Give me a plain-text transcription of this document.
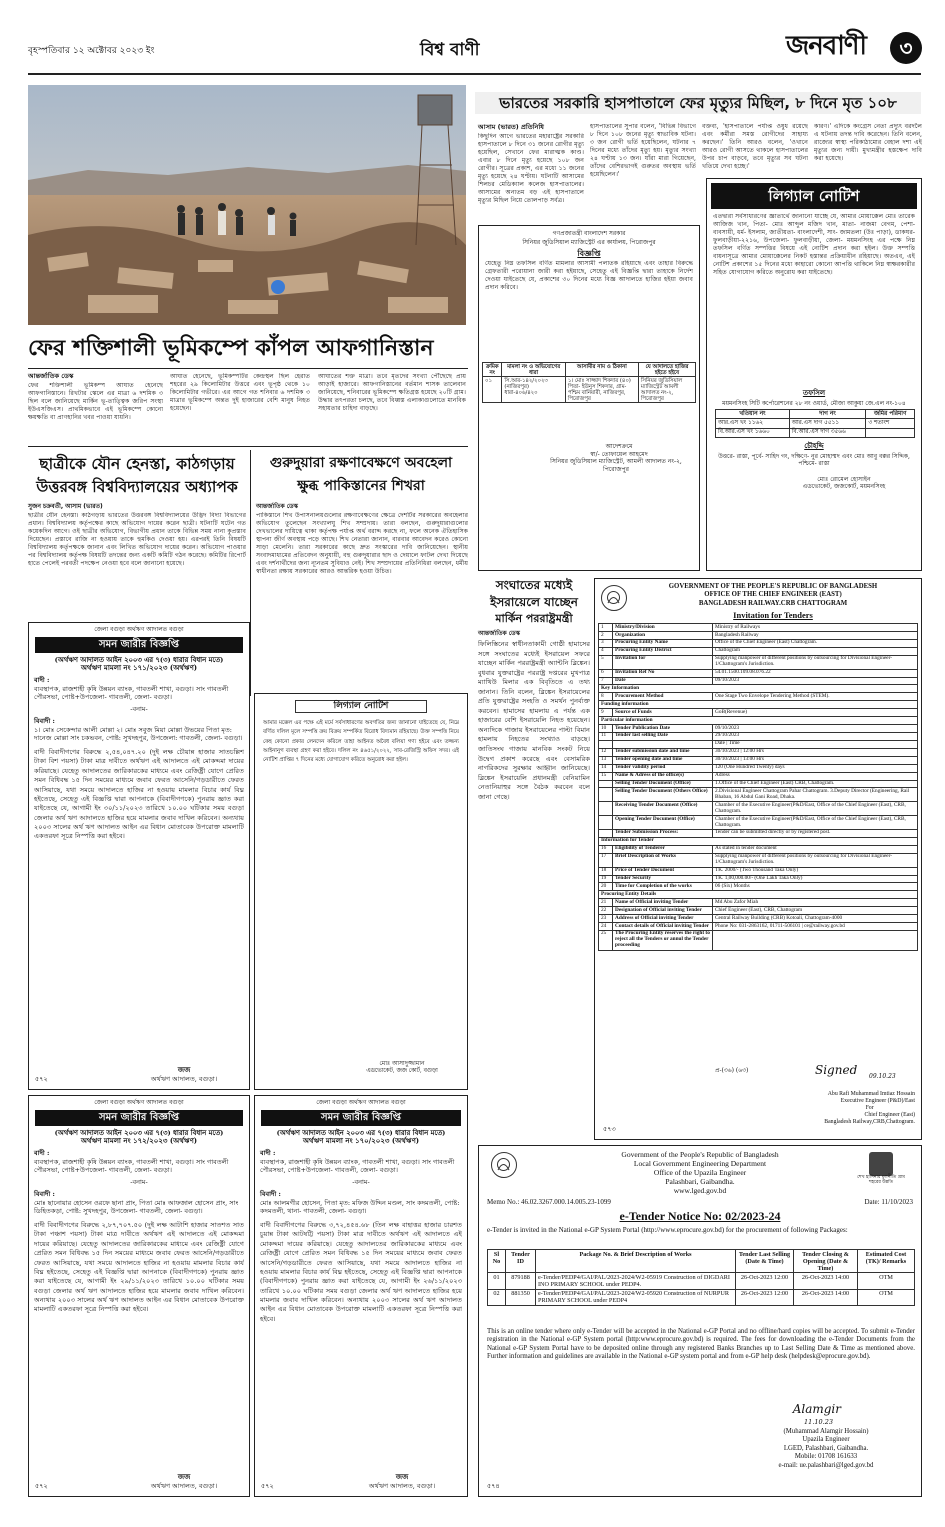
বৃহস্পতিবার ১২ অক্টোবর ২০২৩ ইং	বিশ্ব বাণী	জনবাণী	৩
ফের শক্তিশালী ভূমিকম্পে কাঁপল আফগানিস্তান
আন্তর্জাতিক ডেস্ক
ফের শক্তিশালী ভূমিকম্প আঘাত হেনেছে আফগানিস্তানে। রিখটার স্কেলে এর মাত্রা ৬ দশমিক ৩ ছিল বলে জানিয়েছে মার্কিন ভূ-তাত্ত্বিক জরিপ সংস্থা ইউএসজিএস। প্রাথমিকভাবে এই ভূমিকম্পে কোনো ক্ষয়ক্ষতি বা প্রাণহানির খবর পাওয়া যায়নি।
আঘাত হেনেছে, ভূমিকম্পটির কেন্দ্রস্থল ছিল হেরাত শহরের ২৯ কিলোমিটার উত্তরে এবং ভূপৃষ্ঠ থেকে ১০ কিলোমিটার গভীরে। এর আগে গত শনিবার ৬ দশমিক ৩ মাত্রার ভূমিকম্পে অন্তত দুই হাজারের বেশি মানুষ নিহত হয়েছেন।
আঘাতের শক্ত মাত্রা। তবে মৃতদের সংখ্যা পৌঁছেছে প্রায় আড়াই হাজারে। আফগানিস্তানের বর্তমান শাসক তালেবান জানিয়েছে, শনিবারের ভূমিকম্পে ক্ষতিগ্রস্ত হয়েছে ২০টি গ্রাম। উদ্ধার তৎপরতা চলছে, তবে বিধ্বস্ত এলাকাগুলোতে মানবিক সহায়তার চাহিদা বাড়ছে।
ছাত্রীকে যৌন হেনস্তা, কাঠগড়ায়
উত্তরবঙ্গ বিশ্ববিদ্যালয়ের অধ্যাপক
সুজন চক্রবর্তী, আসাম (ভারত)
ছাত্রীর যৌন হেনস্তা। কাঠগড়ায় ভারতের উত্তরবঙ্গ বিশ্ববিদ্যালয়ের উদ্ভিদ বিদ্যা বিভাগের প্রধান। বিশ্ববিদ্যালয় কর্তৃপক্ষের কাছে অভিযোগ দায়ের করেন ছাত্রী। ঘটনাটি ঘটেন গত কয়েকদিন আগে। ওই ছাত্রীর অভিযোগ, বিভাগীয় প্রধান তাকে বিভিন্ন সময় নানা কুপ্রস্তাব দিয়েছেন। প্রস্তাবে রাজি না হওয়ায় তাকে হুমকিও দেওয়া হয়। এরপরই তিনি বিষয়টি বিশ্ববিদ্যালয় কর্তৃপক্ষকে জানান এবং লিখিত অভিযোগ দায়ের করেন। অভিযোগ পাওয়ার পর বিশ্ববিদ্যালয় কর্তৃপক্ষ বিষয়টি তদন্তের জন্য একটি কমিটি গঠন করেছে। কমিটির রিপোর্ট হাতে পেলেই পরবর্তী পদক্ষেপ নেওয়া হবে বলে জানানো হয়েছে।
গুরুদুয়ারা রক্ষণাবেক্ষণে অবহেলা
ক্ষুব্ধ পাকিস্তানের শিখরা
আন্তর্জাতিক ডেস্ক
পাকিস্তানে শিখ উপাসনালয়গুলোর রক্ষণাবেক্ষণের ক্ষেত্রে দেশটির সরকারের অবহেলার অভিযোগ তুলেছেন সংখ্যালঘু শিখ সম্প্রদায়। তারা বলছেন, গুরুদুয়ারাগুলোর দেখভালের দায়িত্বে থাকা কর্তৃপক্ষ পর্যাপ্ত অর্থ বরাদ্দ করছে না, ফলে অনেক ঐতিহাসিক স্থাপনা জীর্ণ অবস্থায় পড়ে আছে। শিখ নেতারা জানান, বারবার আবেদন করেও কোনো সাড়া মেলেনি। তারা সরকারের কাছে দ্রুত সংস্কারের দাবি জানিয়েছেন। স্থানীয় সংবাদমাধ্যমের প্রতিবেদন অনুযায়ী, বহু গুরুদুয়ারার ছাদ ও দেয়ালে ফাটল দেখা দিয়েছে এবং দর্শনার্থীদের জন্য ন্যূনতম সুবিধাও নেই। শিখ সম্প্রদায়ের প্রতিনিধিরা বলছেন, ধর্মীয় স্বাধীনতা রক্ষায় সরকারের আরও আন্তরিক হওয়া উচিত।
ভারতের সরকারি হাসপাতালে ফের মৃত্যুর মিছিল, ৮ দিনে মৃত ১০৮
আসাম (ভারত) প্রতিনিধি
কিছুদিন আগে ভারতের মহারাষ্ট্রের সরকারি হাসপাতালে ৮ দিনে ৩১ জনের রোগীর মৃত্যু হয়েছিল, সেখানে ফের মারাত্মক কাণ্ড। এবার ৮ দিনে মৃত্যু হয়েছে ১০৮ জন রোগীর। সূত্রের প্রকাশ, এর মধ্যে ১১ জনের মৃত্যু হয়েছে ২৪ ঘণ্টায়। ঘটনাটি আসামের শিলচর মেডিক্যাল কলেজ হাসপাতালের। আসামের অন্যতম বড় এই হাসপাতালে মৃত্যুর মিছিল নিয়ে তোলপাড় সর্বত্র।
হাসপাতালের সুপার বলেন, 'বিভিন্ন বিভাগে ৮ দিনে ১০৮ জনের মৃত্যু স্বাভাবিক ঘটনা। ৩ জন রোগী ভর্তি হয়েছিলেন, ঘটনার ৭ দিনের মধ্যে তাঁদের মৃত্যু হয়। মৃত্যুর সংখ্যা ২৪ ঘণ্টায় ১৩ জন। যাঁরা মারা গিয়েছেন, তাঁদের বেশিরভাগই গুরুতর অবস্থায় ভর্তি হয়েছিলেন।'
বক্তব্য, 'হাসপাতালে পর্যাপ্ত ওষুধ রয়েছে এবং কর্মীরা সমস্ত রোগীদের সাহায্য করছেন।' তিনি আরও বলেন, 'ওখানে আরও রোগী আসতে থাকলে হাসপাতালের উপর চাপ বাড়বে, তবে মৃত্যুর সব ঘটনা খতিয়ে দেখা হচ্ছে।'
কারণ।' এদিকে কংগ্রেস নেতা প্রদ্যুৎ বরদলৈ এ ঘটনায় তদন্ত দাবি করেছেন। তিনি বলেন, রাজ্যের স্বাস্থ্য পরিকাঠামোর বেহাল দশা এই মৃত্যুর জন্য দায়ী। মুখ্যমন্ত্রীর হস্তক্ষেপ দাবি করা হয়েছে।
লিগ্যাল নোটিশ
এতদ্বারা সর্বসাধারণের জ্ঞাতার্থে জানানো যাচ্ছে যে, আমার মোয়াক্কেল মোঃ তারেক আজিজ খান, পিতা- মোঃ আব্দুল মজিদ খান, মাতা- নাজমা বেগম, পেশা- ব্যবসায়ী, ধর্ম- ইসলাম, জাতীয়তা- বাংলাদেশী, সাং- জামতলা (উঃ পাড়া), ডাকঘর- ফুলবাড়ীয়া-২২১৬, উপজেলা- ফুলবাড়ীয়া, জেলা- ময়মনসিংহ এর পক্ষে নিম্ন তফসিল বর্ণিত সম্পত্তির বিষয়ে এই নোটিশ প্রদান করা হইল। উক্ত সম্পত্তি বায়নাসূত্রে আমার মোয়াক্কেলের নিকট হস্তান্তর প্রক্রিয়াধীন রহিয়াছে। অতএব, এই নোটিশ প্রকাশের ১৫ দিনের মধ্যে কাহারো কোনো আপত্তি থাকিলে নিম্ন স্বাক্ষরকারীর সহিত যোগাযোগ করিতে অনুরোধ করা যাইতেছে।
তফসিল
ময়মনসিংহ সিটি কর্পোরেশনের ২৮ নং ওয়ার্ড, মৌজা আকুয়া জে.এল নং-১০৪
খতিয়ান নং	দাগ নং	জমির পরিমাণ
আর.এস খং ১১৬২	আর.এস দাগ ৫৫১১	৩ শতাংশ
বি.আর.এস খং ১৬৬০	বি.আর.এস দাগ ৩৫৬৬	
চৌহদ্দি
উত্তরে- রাস্তা, পূর্বে- সাহিদ গং, দক্ষিণে- নুর মোহাম্মদ এবং মোঃ আবু বক্কর সিদ্দিক, পশ্চিমে- রাস্তা
মোঃ রোমেল হোসাইন
এডভোকেট, জজকোর্ট, ময়মনসিংহ
গণপ্রজাতন্ত্রী বাংলাদেশ সরকার
সিনিয়র জুডিসিয়াল ম্যাজিস্ট্রেট এর কার্যালয়, পিরোজপুর
বিজ্ঞপ্তি
যেহেতু নিম্ন তফসিল বর্ণিত মামলার আসামী পলাতক রহিয়াছে এবং তাহার বিরুদ্ধে গ্রেফতারী পরোয়ানা জারী করা হইয়াছে, সেহেতু এই বিজ্ঞপ্তি দ্বারা তাহাকে নির্দেশ দেওয়া যাইতেছে যে, প্রকাশের ৩০ দিনের মধ্যে বিজ্ঞ আদালতে হাজির হইয়া জবাব প্রদান করিবে।
ক্রমিক নং	মামলা নং ও অভিযোগের ধারা	আসামীর নাম ও ঠিকানা	যে আদালতে হাজির হইতে হইবে
০১	সি.আর-১৪২/২০২৩ (নাজিরপুর) ধারা-৪০৬/৪২০	১। মোঃ সাজ্জাদ শিকদার (৪০) পিতা- ইউনুস শিকদার, গ্রাম- পশ্চিম বানিয়ারী, নাজিরপুর, পিরোজপুর	সিনিয়র জুডিসিয়াল ম্যাজিস্ট্রেট আমলী আদালত নং-২, পিরোজপুর
আদেশক্রমে
স্বা/- তোফায়েল আহমেদ
সিনিয়র জুডিসিয়াল ম্যাজিস্ট্রেট, আমলী আদালত নং-২, পিরোজপুর
সংঘাতের মধ্যেই
ইসরায়েলে যাচ্ছেন
মার্কিন পররাষ্ট্রমন্ত্রী
আন্তর্জাতিক ডেস্ক
ফিলিস্তিনের স্বাধীনতাকামী গোষ্ঠী হামাসের সঙ্গে সংঘাতের মধ্যেই ইসরায়েল সফরে যাচ্ছেন মার্কিন পররাষ্ট্রমন্ত্রী অ্যান্টনি ব্লিঙ্কেন। বুধবার যুক্তরাষ্ট্রের পররাষ্ট্র দপ্তরের মুখপাত্র ম্যাথিউ মিলার এক বিবৃতিতে এ তথ্য জানান। তিনি বলেন, ব্লিঙ্কেন ইসরায়েলের প্রতি যুক্তরাষ্ট্রের সংহতি ও সমর্থন পুনর্ব্যক্ত করবেন। হামাসের হামলায় এ পর্যন্ত এক হাজারের বেশি ইসরায়েলি নিহত হয়েছেন। অন্যদিকে গাজায় ইসরায়েলের পাল্টা বিমান হামলায় নিহতের সংখ্যাও বাড়ছে। জাতিসংঘ গাজায় মানবিক সংকট নিয়ে উদ্বেগ প্রকাশ করেছে এবং বেসামরিক নাগরিকদের সুরক্ষার আহ্বান জানিয়েছে। ব্লিঙ্কেন ইসরায়েলি প্রধানমন্ত্রী বেনিয়ামিন নেতানিয়াহুর সঙ্গে বৈঠক করবেন বলে জানা গেছে।
জেলা বগুড়া অর্থঋণ আদালত বগুড়া
সমন জারীর বিজ্ঞপ্তি
(অর্থঋণ আদালত আইন ২০০৩ এর ৭(৩) ধারার বিধান মতে)
অর্থঋণ মামলা নং ১৭১/২০২৩ (অর্থঋণ)
বাদী :
ব্যবস্থাপক, রাজশাহী কৃষি উন্নয়ন ব্যাংক, গাবতলী শাখা, বগুড়া। সাং গাবতলী পৌরসভা, পোষ্ট+উপজেলা- গাবতলী, জেলা- বগুড়া।
-বনাম-
বিবাদী :
১। মোঃ সেকেন্দার আলী মোল্লা ২। মোঃ সবুজ মিয়া মোল্লা উভয়ের পিতা মৃত: দানেজ মোল্লা সাং চকভবন, পোষ্ট: সুখদহপুর, উপজেলা: গাবতলী, জেলা- বগুড়া।
বাদী বিবাদীগণের বিরুদ্ধে ২,৫৪,০৪৭.২০ (দুই লক্ষ চৌয়ান্ন হাজার সাতচল্লিশ টাকা বিশ পয়সা) টাকা মাত্র দাবীতে অর্থঋণ এই আদালতে এই মোকদ্দমা দায়ের করিয়াছে। যেহেতু আদালতের জারিকারকের মাধ্যমে এবং রেজিষ্ট্রী যোগে প্রেরিত সমন বিধিবদ্ধ ১৫ দিন সময়ের মাধ্যমে জবাব ফেরত আসেনি/গড়ডারীতে ফেরত আসিয়াছে, যথা সময়ে আদালতে হাজির না হওয়ায় মামলার বিচার কার্য বিঘ্ন হইতেছে, সেহেতু এই বিজ্ঞপ্তি দ্বারা আপনাকে (বিবাদীগণকে) পুনরায় জ্ঞাত করা যাইতেছে যে, আগামী ইং ৩০/১১/২০২৩ তারিখে ১০.০০ ঘটিকার সময় বগুড়া জেলার অর্থ ঋণ আদালতে হাজির হয়ে মামলার জবাব দাখিল করিবেন। অন্যথায় ২০০৩ সালের অর্থ ঋণ আদালত আইন এর বিধান মোতাবেক উপরোক্ত মামলাটি একতরফা সূত্রে নিস্পত্তি করা হইবে।
৫৭২
জজ
অর্থঋণ আদালত, বগুড়া।
লিগ্যাল নোটিশ
আমার মক্কেল এর পক্ষে এই মর্মে সর্বসাধারণের অবগতির জন্য জানানো যাইতেছে যে, নিম্নে বর্ণিত দলিল মূলে সম্পত্তি ক্রয় বিক্রয় সম্পর্কিত বিরোধ বিদ্যমান রহিয়াছে। উক্ত সম্পত্তি নিয়ে কেহ কোনো প্রকার লেনদেন করিলে তাহা আইনত অবৈধ বলিয়া গণ্য হইবে এবং তজ্জন্য আইনানুগ ব্যবস্থা গ্রহণ করা হইবে। দলিল নং ৪৬৫১/২০২২, সাব-রেজিস্ট্রি অফিস সদর। এই নোটিশ প্রাপ্তির ৭ দিনের মধ্যে যোগাযোগ করিতে অনুরোধ করা হইল।
মোঃ আসাদুজ্জামান
এডভোকেট, জজ কোর্ট, বগুড়া
জেলা বগুড়া অর্থঋণ আদালত বগুড়া
সমন জারীর বিজ্ঞপ্তি
(অর্থঋণ আদালত আইন ২০০৩ এর ৭(৩) ধারার বিধান মতে)
অর্থঋণ মামলা নং ১৭২/২০২৩ (অর্থঋণ)
বাদী :
ব্যবস্থাপক, রাজশাহী কৃষি উন্নয়ন ব্যাংক, গাবতলী শাখা, বগুড়া। সাং গাবতলী পৌরসভা, পোষ্ট+উপজেলা- গাবতলী, জেলা- বগুড়া।
-বনাম-
বিবাদী :
মোঃ ছানোয়ার হোসেন ওরফে ছানা প্রাং, পিতা মোঃ আফজাল হোসেন প্রাং, সাং ডিহিতকড়া, পোষ্ট: সুখদহপুর, উপজেলা- গাবতলী, জেলা- বগুড়া।
বাদী বিবাদীগণের বিরুদ্ধে ২,৮৭,৭০৭.৫০ (দুই লক্ষ আটাশি হাজার সাতশত সাত টাকা পঞ্চাশ পয়সা) টাকা মাত্র দাবীতে অর্থঋণ এই আদালতে এই মোকদ্দমা দায়ের করিয়াছে। যেহেতু আদালতের জারিকারকের মাধ্যমে এবং রেজিষ্ট্রী যোগে প্রেরিত সমন বিধিবদ্ধ ১৫ দিন সময়ের মাধ্যমে জবাব ফেরত আসেনি/গড়ডারীতে ফেরত আসিয়াছে, যথা সময়ে আদালতে হাজির না হওয়ায় মামলার বিচার কার্য বিঘ্ন হইতেছে, সেহেতু এই বিজ্ঞপ্তি দ্বারা আপনাকে (বিবাদীগণকে) পুনরায় জ্ঞাত করা যাইতেছে যে, আগামী ইং ২৯/১১/২০২৩ তারিখে ১০.০০ ঘটিকার সময় বগুড়া জেলার অর্থ ঋণ আদালতে হাজির হয়ে মামলার জবাব দাখিল করিবেন। অন্যথায় ২০০৩ সালের অর্থ ঋণ আদালত আইন এর বিধান মোতাবেক উপরোক্ত মামলাটি একতরফা সূত্রে নিস্পত্তি করা হইবে।
৫৭২
জজ
অর্থঋণ আদালত, বগুড়া।
জেলা বগুড়া অর্থঋণ আদালত বগুড়া
সমন জারীর বিজ্ঞপ্তি
(অর্থঋণ আদালত আইন ২০০৩ এর ৭(৩) ধারার বিধান মতে)
অর্থঋণ মামলা নং ১৭০/২০২৩ (অর্থঋণ)
বাদী :
ব্যবস্থাপক, রাজশাহী কৃষি উন্নয়ন ব্যাংক, গাবতলী শাখা, বগুড়া। সাং গাবতলী পৌরসভা, পোষ্ট+উপজেলা- গাবতলী, জেলা- বগুড়া।
-বনাম-
বিবাদী :
মোঃ আলমগীর হোসেন, পিতা মৃত: মফিজ উদ্দিন মণ্ডল, সাং কদমতলী, পোষ্ট: কদমতলী, থানা- গাবতলী, জেলা- বগুড়া।
বাদী বিবাদীগণের বিরুদ্ধে ৩,৭২,৪৫৪.৬৮ (তিন লক্ষ বাহাত্তর হাজার চারশত চুয়ান্ন টাকা আটষট্টি পয়সা) টাকা মাত্র দাবীতে অর্থঋণ এই আদালতে এই মোকদ্দমা দায়ের করিয়াছে। যেহেতু আদালতের জারিকারকের মাধ্যমে এবং রেজিষ্ট্রী যোগে প্রেরিত সমন বিধিবদ্ধ ১৫ দিন সময়ের মাধ্যমে জবাব ফেরত আসেনি/গড়ডারীতে ফেরত আসিয়াছে, যথা সময়ে আদালতে হাজির না হওয়ায় মামলার বিচার কার্য বিঘ্ন হইতেছে, সেহেতু এই বিজ্ঞপ্তি দ্বারা আপনাকে (বিবাদীগণকে) পুনরায় জ্ঞাত করা যাইতেছে যে, আগামী ইং ২৬/১১/২০২৩ তারিখে ১০.০০ ঘটিকার সময় বগুড়া জেলার অর্থ ঋণ আদালতে হাজির হয়ে মামলার জবাব দাখিল করিবেন। অন্যথায় ২০০৩ সালের অর্থ ঋণ আদালত আইন এর বিধান মোতাবেক উপরোক্ত মামলাটি একতরফা সূত্রে নিস্পত্তি করা হইবে।
৫৭২
জজ
অর্থঋণ আদালত, বগুড়া।
GOVERNMENT OF THE PEOPLE'S REPUBLIC OF BANGLADESH
OFFICE OF THE CHIEF ENGINEER (EAST)
BANGLADESH RAILWAY.CRB CHATTOGRAM
Invitation for Tenders
1	Ministry/Division	Ministry of Railways
2	Organization	Bangladesh Railway
3	Procuring Entity Name	Office of the Chief Engineer (East) Chattogram.
4	Procuring Entity District	Chattogram
5	Invitation for	Supplying manpower of different positions by outsourcing for Divisional Engineer-1/Chattogram's Jurisdiction.
6	Invitation Ref No	54.01.1500.109.08.076.22
7	Date	09/10/2023
Key Information		
8	Procurement Method	One Stage Two Envelope Tendering Method (STEM).
Funding information		
9	Source of Funds	GoB(Revenue)
Particular information		
10	Tender Publication Date	09/10/2023
11	Tender last selling Date	29/10/2023
		Date | Time
12	Tender submission date and time	30/10/2023 | 12:00 Hrs
13	Tender opening date and time	30/10/2023 | 13:00 Hrs
14	Tender validity period	120 (One Hundred Twenty) days
15	Name & Adress of the office(s)	Adress
	Selling Tender Document (Office)	1.Office of the Chief Engineer (East) CRB, Chattogram.
	Selling Tender Document (Others Office)	2.Divisional Engineer Chattogram Pahar Chattogram. 3.Deputy Director (Engineering, Rail Bhaban, 16 Abdul Gani Road, Dhaka.
	Receiving Tender Document (Office)	Chamber of the Executive Engineer(P&D/East, Office of the Chief Engineer (East), CRB, Chattogram.
	Opening Tender Document (Office)	Chamber of the Executive Engineer(P&D/East, Office of the Chief Engineer (East), CRB, Chattogram.
	Tender Submission Process:	Tender can be submitted directly or by registered post.
Information for Tender		
16	Eligibility of Tenderer	As stated in tender document
17	Brief Description of Works	Supplying manpower of different positions by outsourcing for Divisional Engineer-1/Chattogram's Jurisdiction.
18	Price of Tender Document	TK. 2000/- (Two Thousand Taka Only)
19	Tender Security	TK. 1,00,000.00/- (One Lakh Taka Only)
20	Time for Completion of the works	06 (Six) Months
Procuring Entity Details		
21	Name of Official inviting Tender	Md Abu Zafor Miah
22	Designation of Official inviting Tender	Chief Engineer (East), CRB, Chattogram
23	Address of Official inviting Tender	Central Railway Building (CRB) Kotoali, Chattogram-4000
24	Contact details of Official inviting Tender	Phone No: 031-2863162, 01711-506101 | ce@railway.gov.bd
25	The Procuring Entity reserves the right to reject all the Tenders or annul the Tender proceeding	
প্র-(৩৬) (৬৩)	Signed 09.10.23
Abu Rafi Muhammad Imtiaz Hossain
Executive Engineer (P&D)/East
For
Chief Engineer (East)
Bangladesh Railway,CRB,Chattogram.
৫৭৩
Government of the People's Republic of Bangladesh
Local Government Engineering Department
Office of the Upazila Engineer
Palashbari, Gaibandha.
www.lged.gov.bd
শেখ হাসিনার মূলনীতি গ্রাম শহরের উন্নতি
Memo No.: 46.02.3267.000.14.005.23-1099	Date: 11/10/2023
e-Tender Notice No: 02/2023-24
e-Tender is invited in the National e-GP System Portal (http://www.eprocure.gov.bd) for the procurement of following Packages:
Sl No	Tender ID	Package No. & Brief Description of Works	Tender Last Selling (Date & Time)	Tender Closing & Opening (Date & Time)	Estimated Cost (TK)/ Remarks
01	879188	e-Tender/PEDP4/GAI/PAL/2023-2024/W2-05919 Construction of DIGDARI INO PRIMARY SCHOOL under PEDP4.	26-Oct-2023 12:00	26-Oct-2023 14:00	OTM
02	881350	e-Tender/PEDP4/GAI/PAL/2023-2024/W2-05920 Construction of NURPUR PRIMARY SCHOOL under PEDP4	26-Oct-2023 12:00	26-Oct-2023 14:00	OTM
This is an online tender where only e-Tender will be accepted in the National e-GP Portal and no offline/hard copies will be accepted. To submit e-Tender registration in the National e-GP System portal (http:www.eprocure.gov.bd) is required. The fees for downloading the e-Tender Documents from the National e-GP System Portal have to be deposited online through any registered Banks Branches up to Last Selling Date & Time as mentioned above. Further information and guidelines are available in the National e-GP system portal and from e-GP help desk (helpdesk@eprocure.gov.bd).
Alamgir
11.10.23
(Muhammad Alamgir Hossain)
Upazila Engineer
LGED, Palashbari, Gaibandha.
Mobile: 01708 161633
e-mail: ue.palashbari@lged.gov.bd
৫৭৪
